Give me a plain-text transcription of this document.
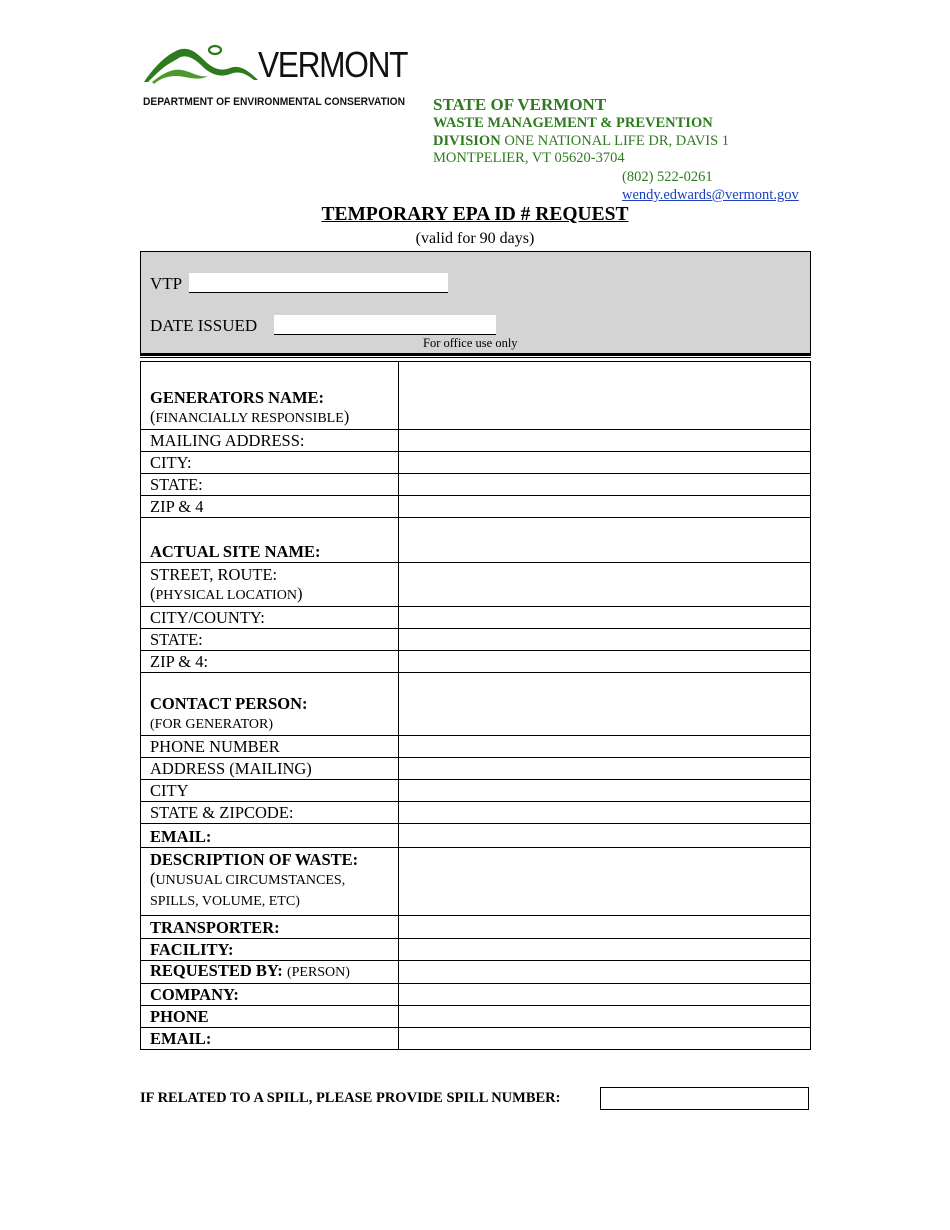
VERMONT
DEPARTMENT OF ENVIRONMENTAL CONSERVATION STATE OF VERMONT
WASTE MANAGEMENT & PREVENTION
DIVISION ONE NATIONAL LIFE DR, DAVIS 1
MONTPELIER, VT 05620-3704
(802) 522-0261
wendy.edwards@vermont.gov
TEMPORARY EPA ID # REQUEST
(valid for 90 days)
VTP
DATE ISSUED
For office use only
GENERATORS NAME:
(FINANCIALLY RESPONSIBLE)	
MAILING ADDRESS:	
CITY:	
STATE:	
ZIP & 4	
ACTUAL SITE NAME:	
STREET, ROUTE:
(PHYSICAL LOCATION)	
CITY/COUNTY:	
STATE:	
ZIP & 4:	
CONTACT PERSON:
(FOR GENERATOR)	
PHONE NUMBER	
ADDRESS (MAILING)	
CITY	
STATE & ZIPCODE:	
EMAIL:	
DESCRIPTION OF WASTE:
(UNUSUAL CIRCUMSTANCES,
SPILLS, VOLUME, ETC)	
TRANSPORTER:	
FACILITY:	
REQUESTED BY: (PERSON)	
COMPANY:	
PHONE	
EMAIL:	
IF RELATED TO A SPILL, PLEASE PROVIDE SPILL NUMBER:
